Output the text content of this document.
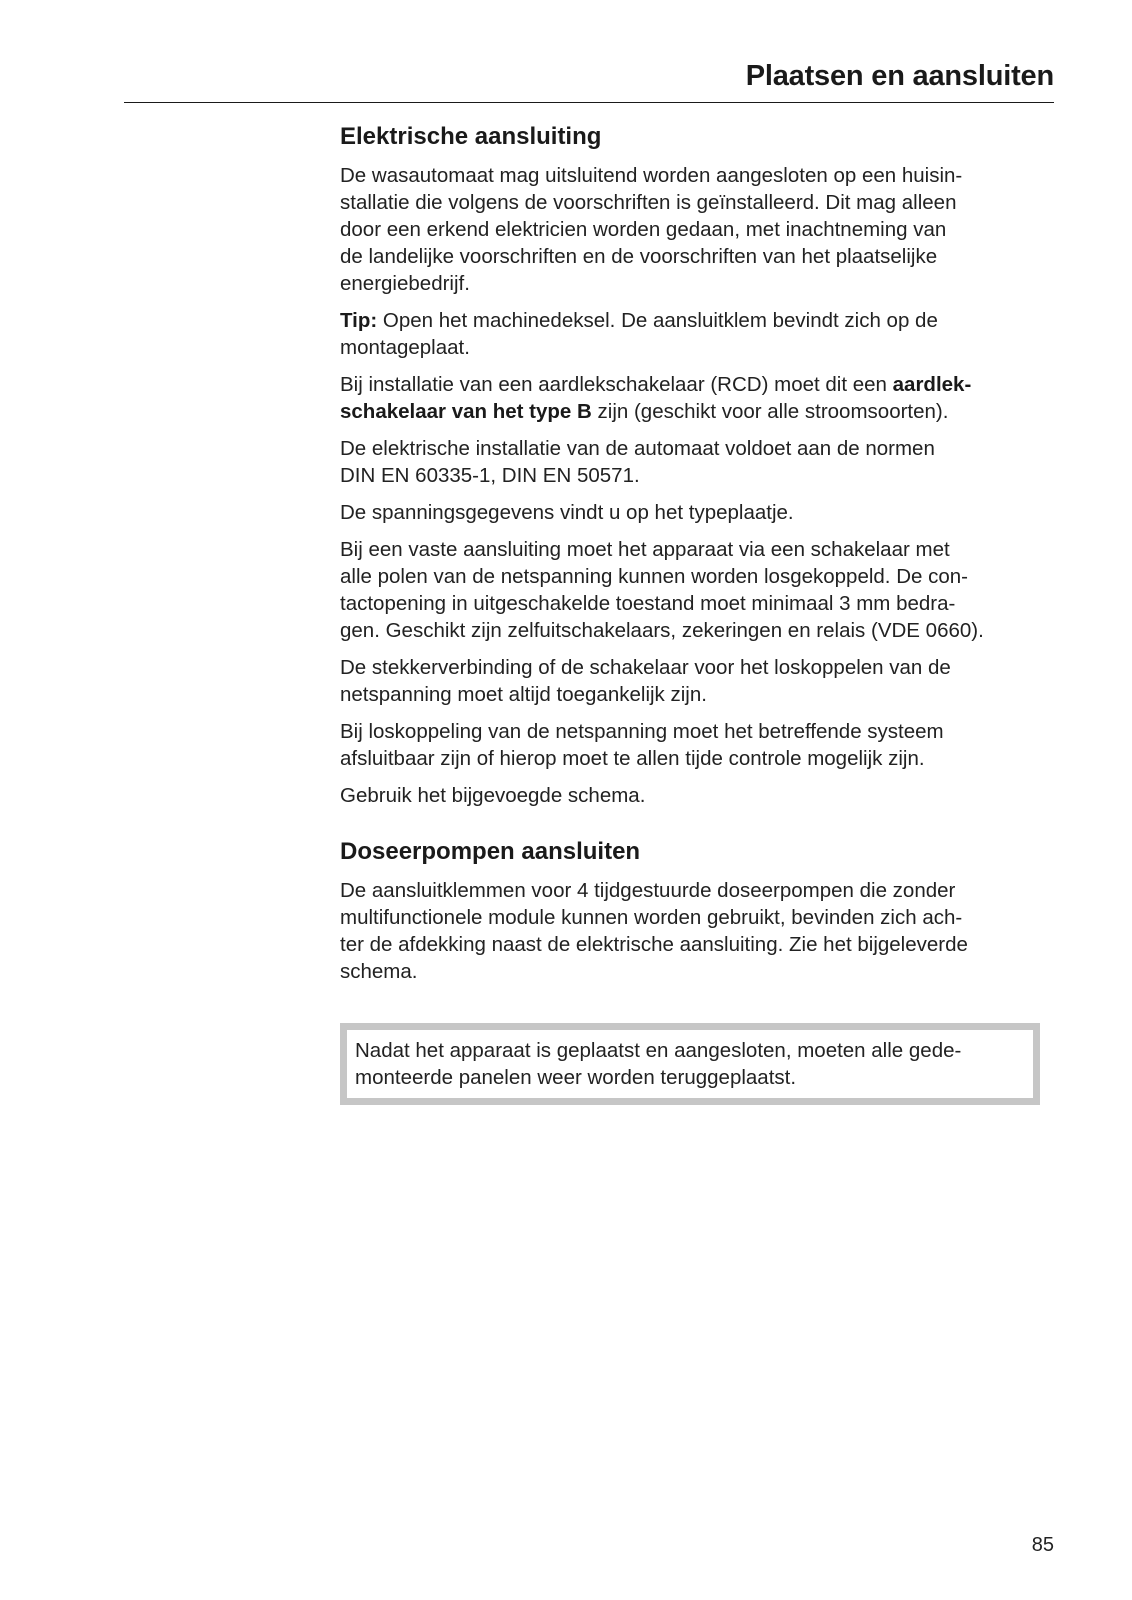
Plaatsen en aansluiten
Elektrische aansluiting

De wasautomaat mag uitsluitend worden aangesloten op een huisin-
stallatie die volgens de voorschriften is geïnstalleerd. Dit mag alleen
door een erkend elektricien worden gedaan, met inachtneming van
de landelijke voorschriften en de voorschriften van het plaatselijke
energiebedrijf.

Tip: Open het machinedeksel. De aansluitklem bevindt zich op de
montageplaat.

Bij installatie van een aardlekschakelaar (RCD) moet dit een aardlek-
schakelaar van het type B zijn (geschikt voor alle stroomsoorten).

De elektrische installatie van de automaat voldoet aan de normen
DIN EN 60335-1, DIN EN 50571.

De spanningsgegevens vindt u op het typeplaatje.

Bij een vaste aansluiting moet het apparaat via een schakelaar met
alle polen van de netspanning kunnen worden losgekoppeld. De con-
tactopening in uitgeschakelde toestand moet minimaal 3 mm bedra-
gen. Geschikt zijn zelfuitschakelaars, zekeringen en relais (VDE 0660).

De stekkerverbinding of de schakelaar voor het loskoppelen van de
netspanning moet altijd toegankelijk zijn.

Bij loskoppeling van de netspanning moet het betreffende systeem
afsluitbaar zijn of hierop moet te allen tijde controle mogelijk zijn.

Gebruik het bijgevoegde schema.

Doseerpompen aansluiten

De aansluitklemmen voor 4 tijdgestuurde doseerpompen die zonder
multifunctionele module kunnen worden gebruikt, bevinden zich ach-
ter de afdekking naast de elektrische aansluiting. Zie het bijgeleverde
schema.

Nadat het apparaat is geplaatst en aangesloten, moeten alle gede-
monteerde panelen weer worden teruggeplaatst.
85
